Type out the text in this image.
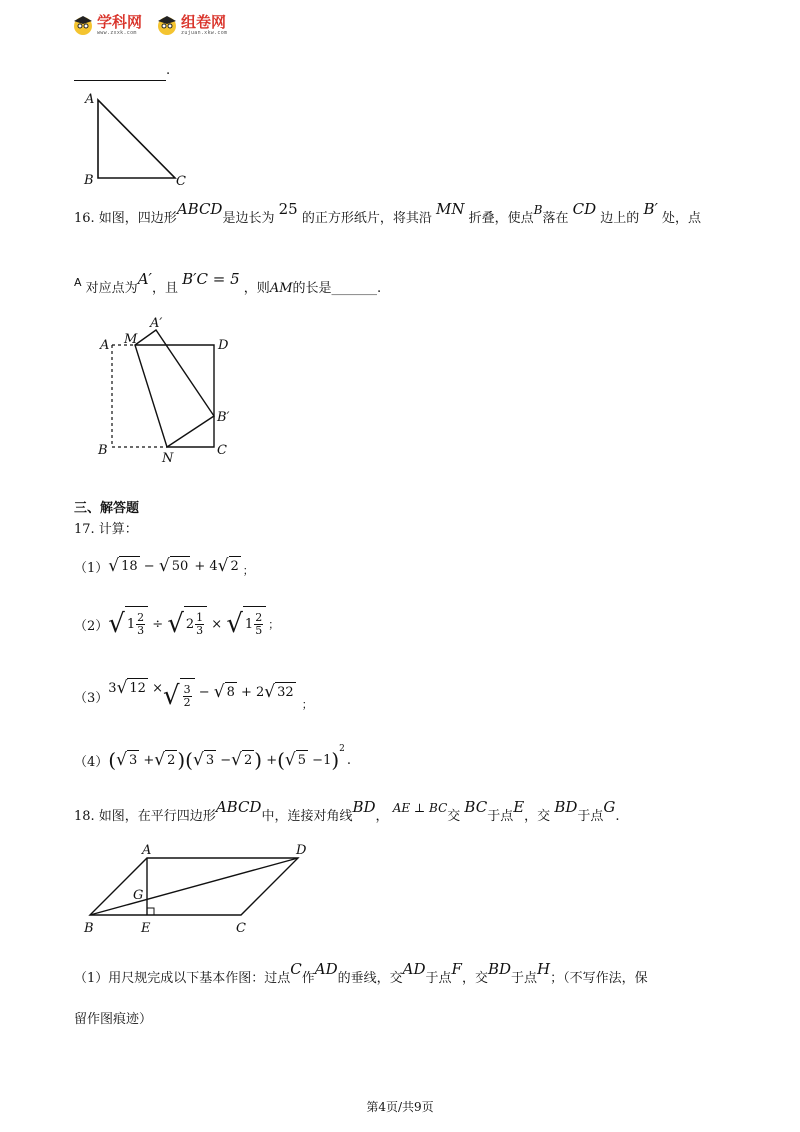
学科网
www.zxxk.com
组卷网
zujuan.xkw.com
.
A
B	C
16. 如图，四边形ABCD是边长为 25 的正方形纸片，将其沿 MN 折叠，使点B落在 CD 边上的 B′ 处，点
$^A$ 对应点为A′，且 B′C = 5 ，则AM的长是_______.
A M
A′
D
B′
B
N
C
三、解答题
17. 计算：
（1） √ 18 − √ 50 + 4 √ 2 ；
（2） √ $1 \frac{2}{3}$ ÷ √ $2 \frac{1}{3}$ × √ $1 \frac{2}{5}$ ；
（3）
3 √ 12 × √ $\frac{3}{2}$ − √ 8 + 2 √ 32
；
（4） ( √ 3 + √ 2 )( √ 3 − √ 2 ) + ( √ 5 −1 ) 2
.
18. 如图，在平行四边形ABCD中，连接对角线BD， AE ⊥ BC交 BC于点E，交 BD于点G.
A	D
G
B	E	C
（1）用尺规完成以下基本作图：过点C作AD的垂线，交AD于点F，交BD于点H；（不写作法，保
留作图痕迹）
第4页/共9页
